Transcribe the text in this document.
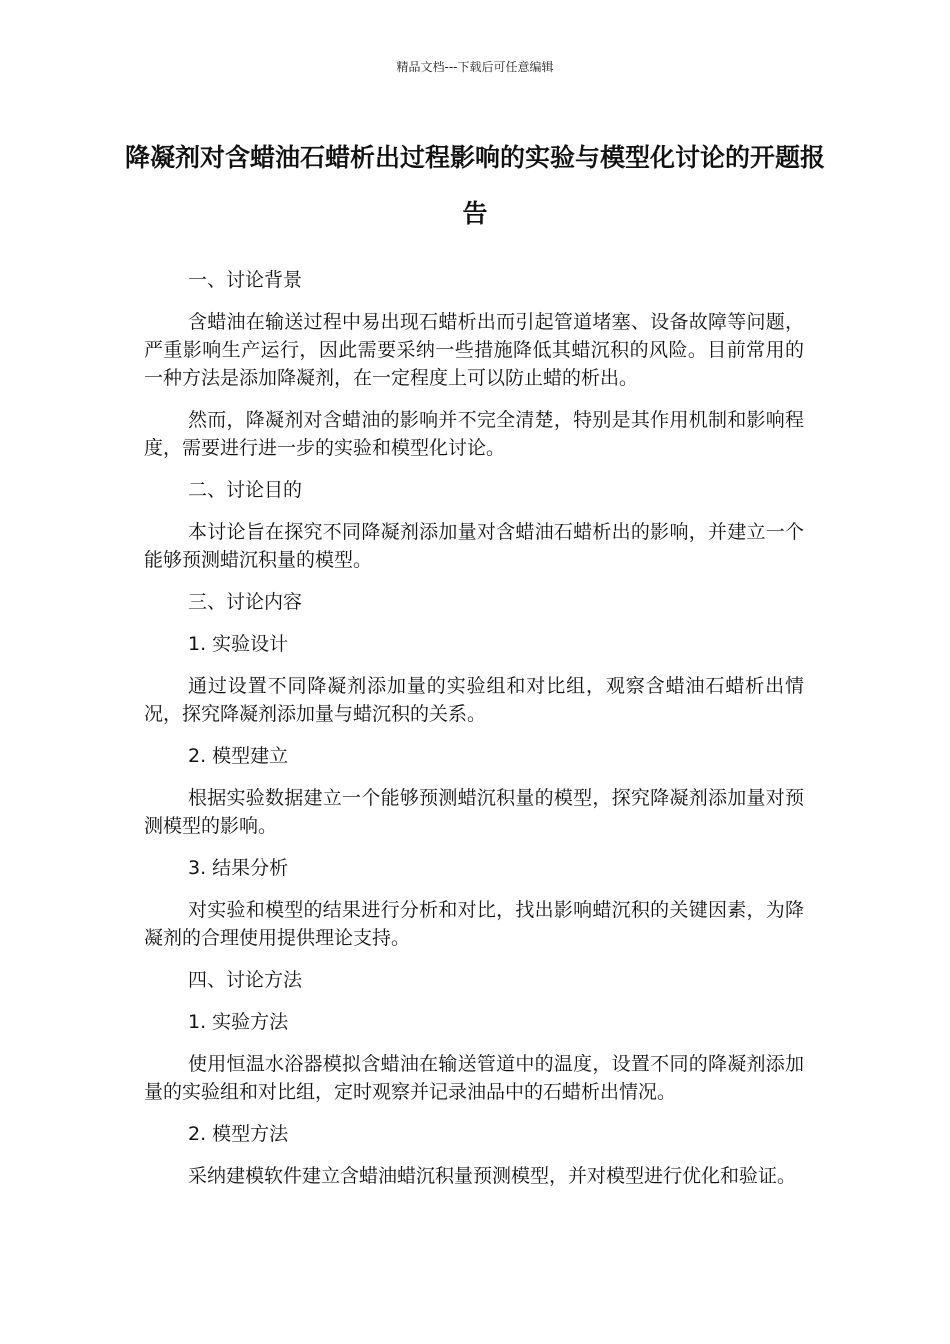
精品文档---下载后可任意编辑
降凝剂对含蜡油石蜡析出过程影响的实验与模型化讨论的开题报告

一、讨论背景

含蜡油在输送过程中易出现石蜡析出而引起管道堵塞、设备故障等问题，严重影响生产运行，因此需要采纳一些措施降低其蜡沉积的风险。目前常用的一种方法是添加降凝剂，在一定程度上可以防止蜡的析出。

然而，降凝剂对含蜡油的影响并不完全清楚，特别是其作用机制和影响程度，需要进行进一步的实验和模型化讨论。

二、讨论目的

本讨论旨在探究不同降凝剂添加量对含蜡油石蜡析出的影响，并建立一个能够预测蜡沉积量的模型。

三、讨论内容

1. 实验设计

通过设置不同降凝剂添加量的实验组和对比组，观察含蜡油石蜡析出情况，探究降凝剂添加量与蜡沉积的关系。

2. 模型建立

根据实验数据建立一个能够预测蜡沉积量的模型，探究降凝剂添加量对预测模型的影响。

3. 结果分析

对实验和模型的结果进行分析和对比，找出影响蜡沉积的关键因素，为降凝剂的合理使用提供理论支持。

四、讨论方法

1. 实验方法

使用恒温水浴器模拟含蜡油在输送管道中的温度，设置不同的降凝剂添加量的实验组和对比组，定时观察并记录油品中的石蜡析出情况。

2. 模型方法

采纳建模软件建立含蜡油蜡沉积量预测模型，并对模型进行优化和验证。
